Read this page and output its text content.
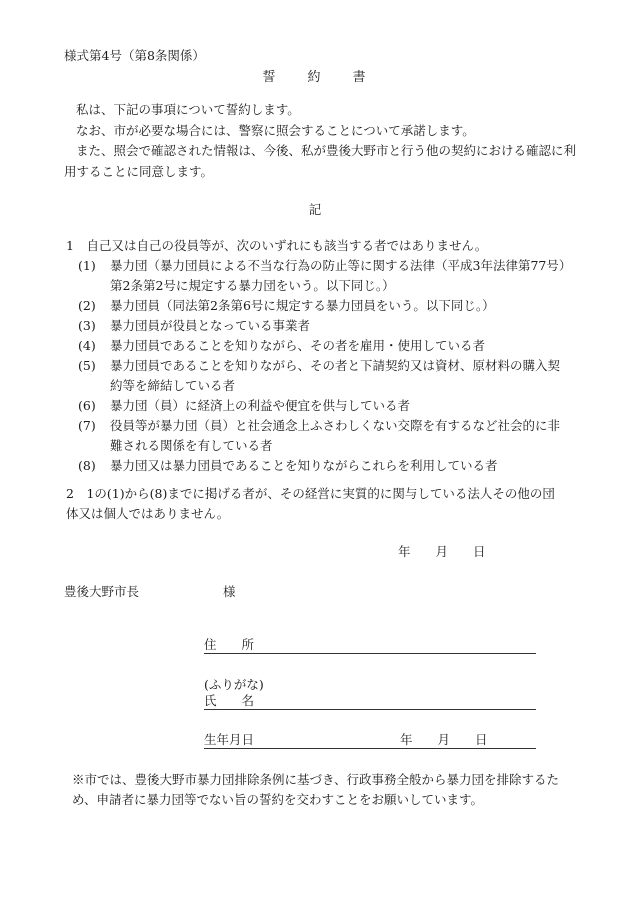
様式第4号（第8条関係）
誓　　約　　書

私は、下記の事項について誓約します。

なお、市が必要な場合には、警察に照会することについて承諾します。

また、照会で確認された情報は、今後、私が豊後大野市と行う他の契約における確認に利用することに同意します。

記

1　自己又は自己の役員等が、次のいずれにも該当する者ではありません。

(1)	暴力団（暴力団員による不当な行為の防止等に関する法律（平成3年法律第77号）第2条第2号に規定する暴力団をいう。以下同じ。）
(2)	暴力団員（同法第2条第6号に規定する暴力団員をいう。以下同じ。）
(3)	暴力団員が役員となっている事業者
(4)	暴力団員であることを知りながら、その者を雇用・使用している者
(5)	暴力団員であることを知りながら、その者と下請契約又は資材、原材料の購入契約等を締結している者
(6)	暴力団（員）に経済上の利益や便宜を供与している者
(7)	役員等が暴力団（員）と社会通念上ふさわしくない交際を有するなど社会的に非難される関係を有している者
(8)	暴力団又は暴力団員であることを知りながらこれらを利用している者
2　1の(1)から(8)までに掲げる者が、その経営に実質的に関与している法人その他の団体又は個人ではありません。
年　　月　　日
豊後大野市長	様
住　　所
(ふりがな)
氏　　名
生年月日	年　　月　　日

※市では、豊後大野市暴力団排除条例に基づき、行政事務全般から暴力団を排除するため、申請者に暴力団等でない旨の誓約を交わすことをお願いしています。
